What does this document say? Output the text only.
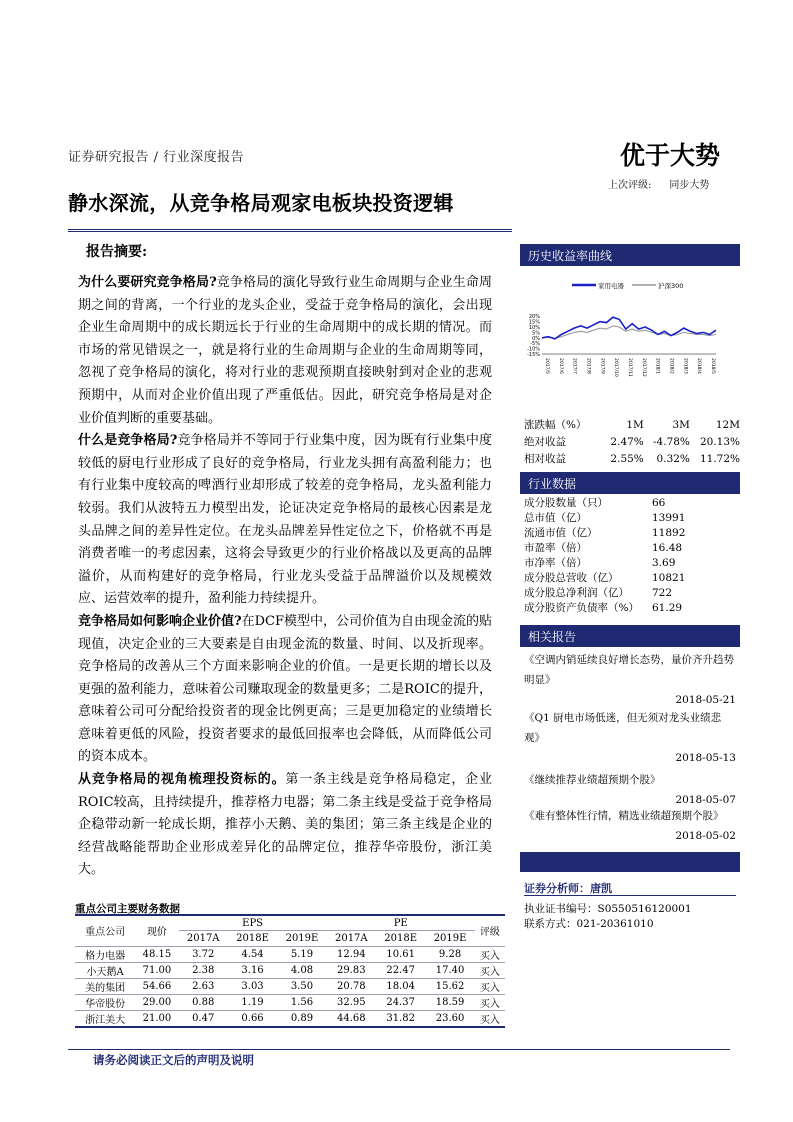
证券研究报告 / 行业深度报告	优于大势
上次评级: 同步大势
静水深流，从竞争格局观家电板块投资逻辑
报告摘要:

为什么要研究竞争格局?竞争格局的演化导致行业生命周期与企业生命周期之间的背离，一个行业的龙头企业，受益于竞争格局的演化，会出现企业生命周期中的成长期远长于行业的生命周期中的成长期的情况。而市场的常见错误之一，就是将行业的生命周期与企业的生命周期等同，忽视了竞争格局的演化，将对行业的悲观预期直接映射到对企业的悲观预期中，从而对企业价值出现了严重低估。因此，研究竞争格局是对企业价值判断的重要基础。

什么是竞争格局?竞争格局并不等同于行业集中度，因为既有行业集中度较低的厨电行业形成了良好的竞争格局，行业龙头拥有高盈利能力；也有行业集中度较高的啤酒行业却形成了较差的竞争格局，龙头盈利能力较弱。我们从波特五力模型出发，论证决定竞争格局的最核心因素是龙头品牌之间的差异性定位。在龙头品牌差异性定位之下，价格就不再是消费者唯一的考虑因素，这将会导致更少的行业价格战以及更高的品牌溢价，从而构建好的竞争格局，行业龙头受益于品牌溢价以及规模效应、运营效率的提升，盈利能力持续提升。

竞争格局如何影响企业价值?在DCF模型中，公司价值为自由现金流的贴现值，决定企业的三大要素是自由现金流的数量、时间、以及折现率。竞争格局的改善从三个方面来影响企业的价值。一是更长期的增长以及更强的盈利能力，意味着公司赚取现金的数量更多；二是ROIC的提升，意味着公司可分配给投资者的现金比例更高；三是更加稳定的业绩增长意味着更低的风险，投资者要求的最低回报率也会降低，从而降低公司的资本成本。

从竞争格局的视角梳理投资标的。第一条主线是竞争格局稳定，企业ROIC较高，且持续提升，推荐格力电器；第二条主线是受益于竞争格局企稳带动新一轮成长期，推荐小天鹅、美的集团；第三条主线是企业的经营战略能帮助企业形成差异化的品牌定位，推荐华帝股份，浙江美大。

历史收益率曲线
家用电器	沪深300
20%
15%
10%
5%
0%
-5%
-10%
-15%
2017/5 2017/6 2017/7 2017/8 2017/9 2017/10 2017/11 2017/12 2018/1 2018/2 2018/3 2018/4 2018/5
涨跌幅（%）	1M	3M	12M
绝对收益	2.47%	-4.78%	20.13%
相对收益	2.55%	0.32%	11.72%
行业数据
成分股数量（只）	66
总市值（亿）	13991
流通市值（亿）	11892
市盈率（倍）	16.48
市净率（倍）	3.69
成分股总营收（亿）	10821
成分股总净利润（亿）	722
成分股资产负债率（%）	61.29
相关报告
《空调内销延续良好增长态势，量价齐升趋势明显》
2018-05-21
《Q1 厨电市场低迷，但无须对龙头业绩悲观》
2018-05-13
《继续推荐业绩超预期个股》
2018-05-07
《难有整体性行情，精选业绩超预期个股》
2018-05-02
证券分析师：唐凯
执业证书编号：S0550516120001
联系方式：021-20361010
重点公司主要财务数据
重点公司	现价	EPS			PE			评级
		2017A	2018E	2019E	2017A	2018E	2019E	
格力电器	48.15	3.72	4.54	5.19	12.94	10.61	9.28	买入
小天鹅A	71.00	2.38	3.16	4.08	29.83	22.47	17.40	买入
美的集团	54.66	2.63	3.03	3.50	20.78	18.04	15.62	买入
华帝股份	29.00	0.88	1.19	1.56	32.95	24.37	18.59	买入
浙江美大	21.00	0.47	0.66	0.89	44.68	31.82	23.60	买入
请务必阅读正文后的声明及说明
